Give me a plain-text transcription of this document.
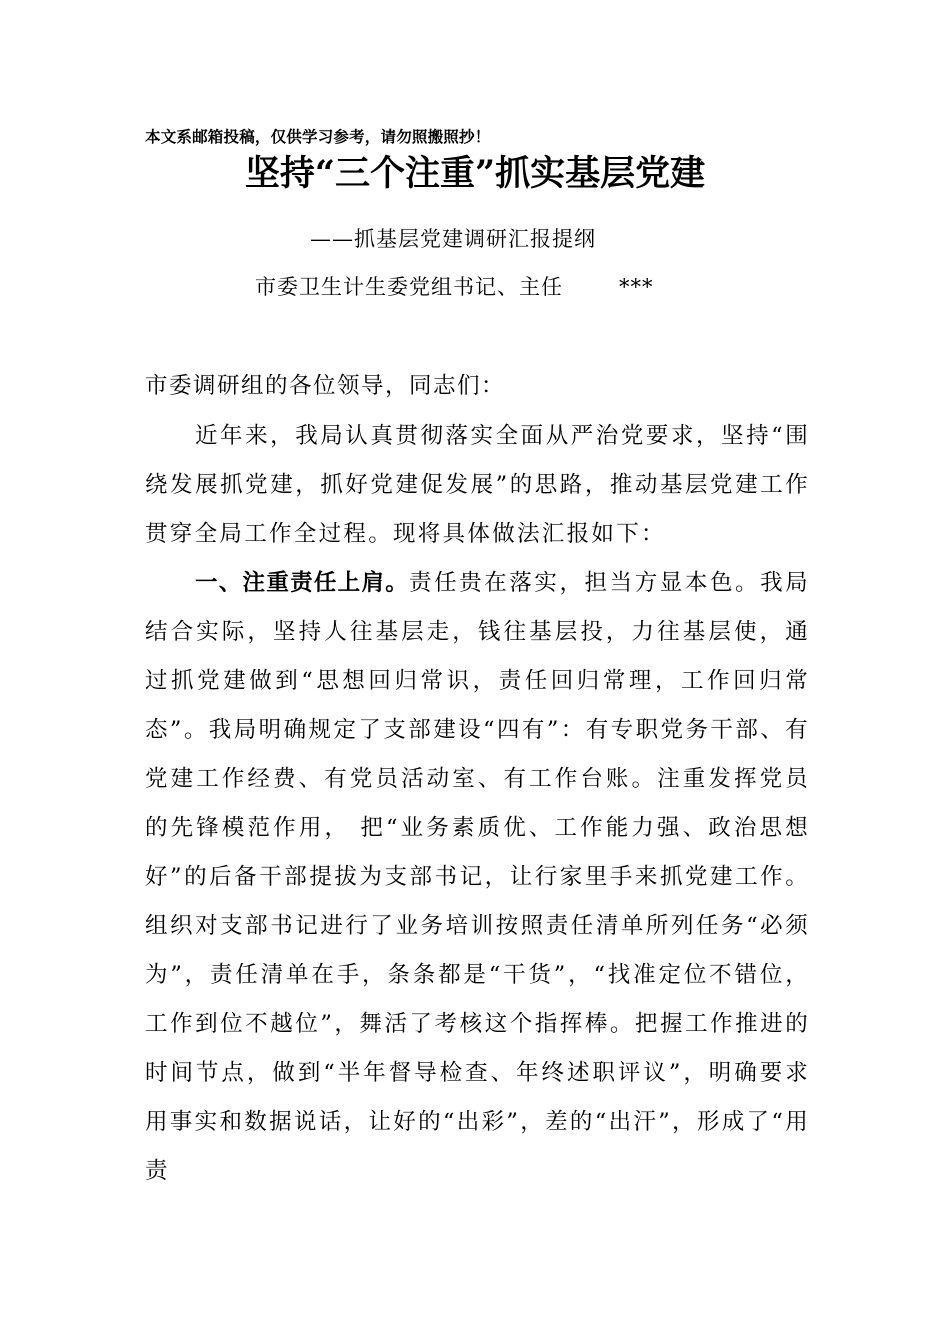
本文系邮箱投稿，仅供学习参考，请勿照搬照抄！
坚持“三个注重”抓实基层党建
——抓基层党建调研汇报提纲
市委卫生计生委党组书记、主任	***
市委调研组的各位领导，同志们：
近年来，我局认真贯彻落实全面从严治党要求，坚持“围绕发展抓党建，抓好党建促发展”的思路，推动基层党建工作贯穿全局工作全过程。现将具体做法汇报如下：
一、注重责任上肩。责任贵在落实，担当方显本色。我局结合实际，坚持人往基层走，钱往基层投，力往基层使，通过抓党建做到“思想回归常识，责任回归常理，工作回归常态”。我局明确规定了支部建设“四有”：有专职党务干部、有党建工作经费、有党员活动室、有工作台账。注重发挥党员的先锋模范作用， 把“业务素质优、工作能力强、政治思想好”的后备干部提拔为支部书记，让行家里手来抓党建工作。组织对支部书记进行了业务培训按照责任清单所列任务“必须为”，责任清单在手，条条都是“干货”，“找准定位不错位，工作到位不越位”，舞活了考核这个指挥棒。把握工作推进的时间节点，做到“半年督导检查、年终述职评议”，明确要求用事实和数据说话，让好的“出彩”，差的“出汗”，形成了“用责
